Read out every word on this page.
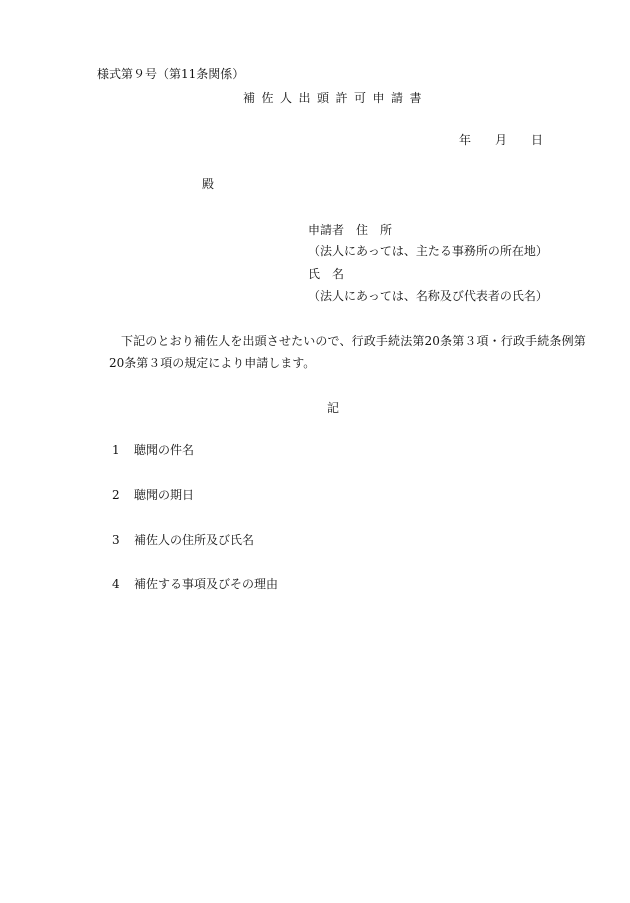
様式第９号（第11条関係）
補佐人出頭許可申請書
年 月 日
殿
申請者 住　所
（法人にあっては、主たる事務所の所在地）
氏　名
（法人にあっては、名称及び代表者の氏名）
下記のとおり補佐人を出頭させたいので、行政手続法第20条第３項・行政手続条例第
20条第３項の規定により申請します。
記
1 聴聞の件名
2 聴聞の期日
3 補佐人の住所及び氏名
4 補佐する事項及びその理由
